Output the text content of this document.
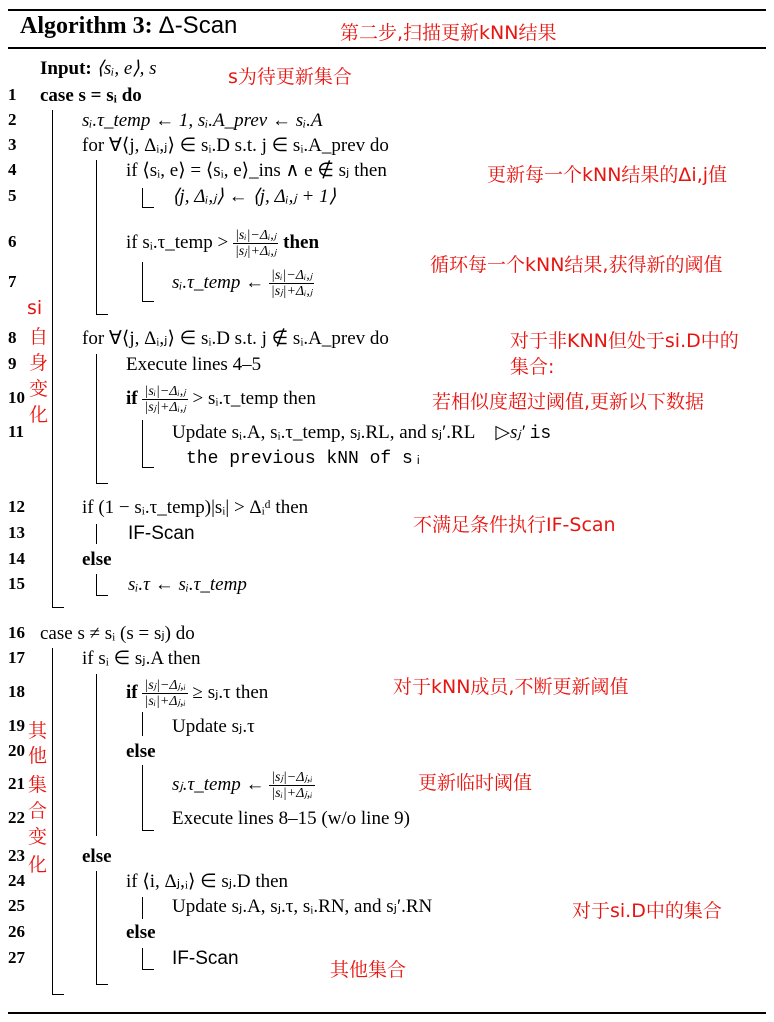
Algorithm 3: Δ-Scan	第二步,扫描更新kNN结果
Input: ⟨sᵢ, e⟩, s	s为待更新集合
1
2
3
4
5
6
7
8
9
10
11
12
13
14
15
16
17
18
19
20
21
22
23
24
25
26
27
case s = sᵢ do
sᵢ.τ_temp ← 1, sᵢ.A_prev ← sᵢ.A
for ∀⟨j, Δᵢ,ⱼ⟩ ∈ sᵢ.D s.t. j ∈ sᵢ.A_prev do
if ⟨sᵢ, e⟩ = ⟨sᵢ, e⟩_ins ∧ e ∉ sⱼ then
⟨j, Δᵢ,ⱼ⟩ ← ⟨j, Δᵢ,ⱼ + 1⟩
if sᵢ.τ_temp > $\frac{\text{|sᵢ|−Δᵢ,ⱼ}}{\text{|sⱼ|+Δᵢ,ⱼ}}$ then
sᵢ.τ_temp ← $\frac{\text{|sᵢ|−Δᵢ,ⱼ}}{\text{|sⱼ|+Δᵢ,ⱼ}}$
for ∀⟨j, Δᵢ,ⱼ⟩ ∈ sᵢ.D s.t. j ∉ sᵢ.A_prev do
Execute lines 4–5
if $\frac{\text{|sᵢ|−Δᵢ,ⱼ}}{\text{|sⱼ|+Δᵢ,ⱼ}}$ > sᵢ.τ_temp then
Update sᵢ.A, sᵢ.τ_temp, sⱼ.RL, and sⱼ′.RL ▷sⱼ′ is
the previous kNN of sᵢ
if (1 − sᵢ.τ_temp)|sᵢ| > Δᵢᵈ then
IF-Scan
else
sᵢ.τ ← sᵢ.τ_temp
case s ≠ sᵢ (s = sⱼ) do
if sᵢ ∈ sⱼ.A then
if $\frac{\text{|sⱼ|−Δⱼ,ᵢ}}{\text{|sᵢ|+Δⱼ,ᵢ}}$ ≥ sⱼ.τ then
Update sⱼ.τ
else
sⱼ.τ_temp ← $\frac{\text{|sⱼ|−Δⱼ,ᵢ}}{\text{|sᵢ|+Δⱼ,ᵢ}}$
Execute lines 8–15 (w/o line 9)
else
if ⟨i, Δⱼ,ᵢ⟩ ∈ sⱼ.D then
Update sⱼ.A, sⱼ.τ, sᵢ.RN, and sⱼ′.RN
else
IF-Scan
更新每一个kNN结果的Δi,j值
循环每一个kNN结果,获得新的阈值
对于非KNN但处于si.D中的
集合:
若相似度超过阈值,更新以下数据
不满足条件执行IF-Scan
对于kNN成员,不断更新阈值
更新临时阈值
对于si.D中的集合
其他集合
si
自
身
变
化
其
他
集
合
变
化
